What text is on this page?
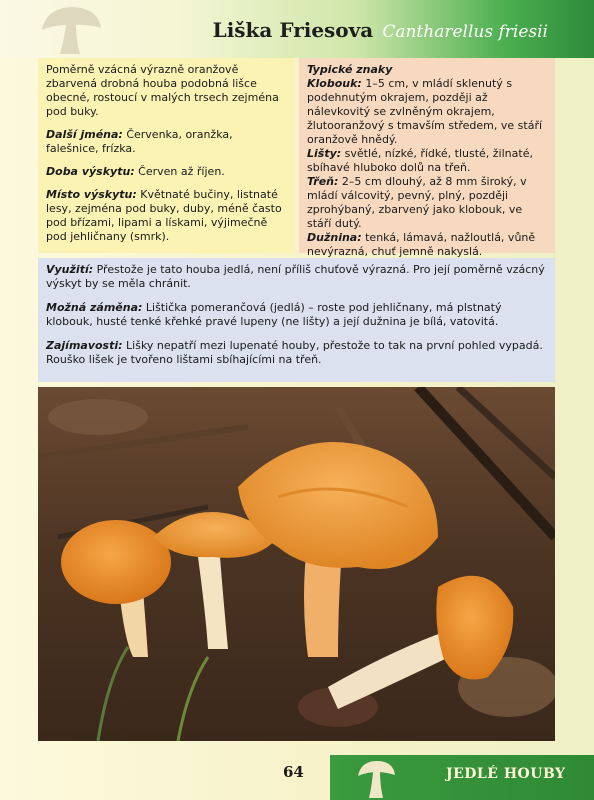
Liška Friesova Cantharellus friesii

Poměrně vzácná výrazně oranžově zbarvená drobná houba podobná lišce obecné, rostoucí v malých trsech zejména pod buky.

Další jména: Červenka, oranžka, falešnice, frízka.

Doba výskytu: Červen až říjen.

Místo výskytu: Květnaté bučiny, listnaté lesy, zejména pod buky, duby, méně často pod břízami, lipami a lískami, výjimečně pod jehličnany (smrk).

Typické znaky

Klobouk: 1–5 cm, v mládí sklenutý s podehnutým okrajem, později až nálevkovitý se zvlněným okrajem, žlutooranžový s tmavším středem, ve stáří oranžově hnědý.

Lišty: světlé, nízké, řídké, tlusté, žilnaté, sbíhavé hluboko dolů na třeň.

Třeň: 2–5 cm dlouhý, až 8 mm široký, v mládí válcovitý, pevný, plný, později zprohýbaný, zbarvený jako klobouk, ve stáří dutý.

Dužnina: tenká, lámavá, nažloutlá, vůně nevýrazná, chuť jemně nakyslá.

Využití: Přestože je tato houba jedlá, není příliš chuťově výrazná. Pro její poměrně vzácný výskyt by se měla chránit.

Možná záměna: Lištička pomerančová (jedlá) – roste pod jehličnany, má plstnatý klobouk, husté tenké křehké pravé lupeny (ne lišty) a její dužnina je bílá, vatovitá.

Zajímavosti: Lišky nepatří mezi lupenaté houby, přestože to tak na první pohled vypadá. Rouško lišek je tvořeno lištami sbíhajícími na třeň.

64	JEDLÉ HOUBY
